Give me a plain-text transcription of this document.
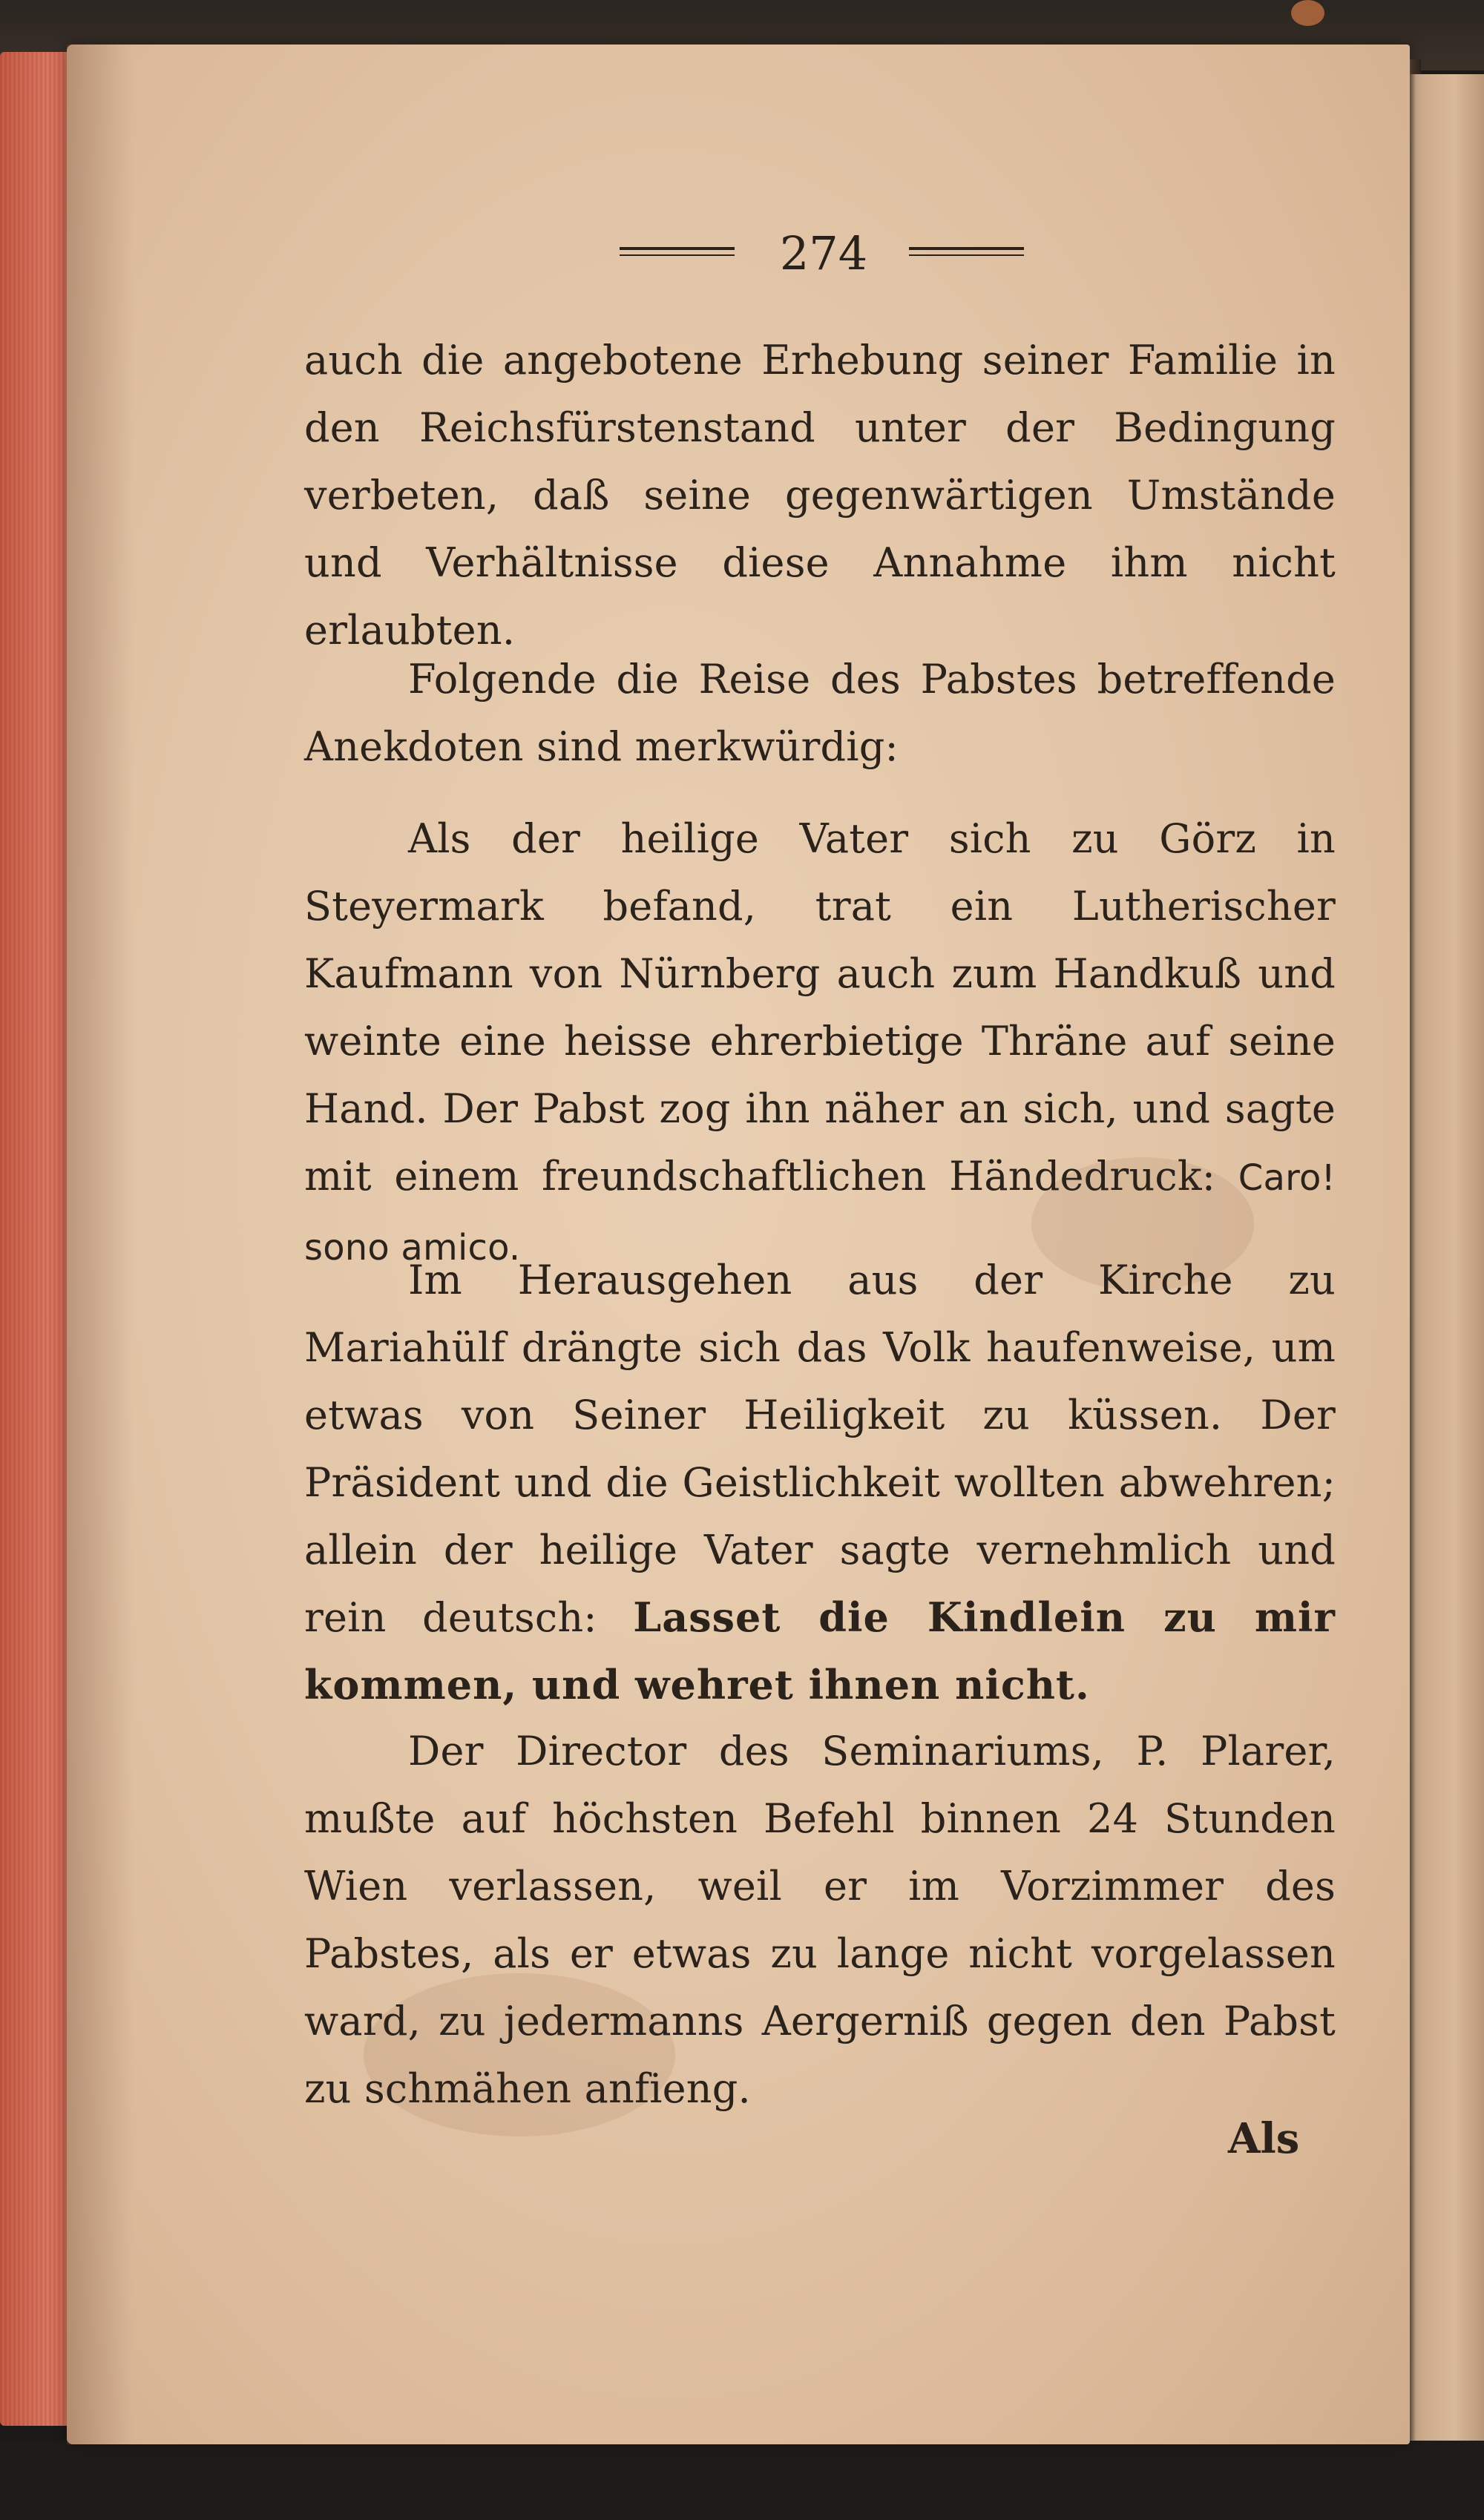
274
auch die angebotene Erhebung seiner Familie in den Reichsfürstenstand unter der Bedingung verbeten, daß seine gegenwärtigen Umstände und Verhältnisse diese Annahme ihm nicht erlaubten.
Folgende die Reise des Pabstes betreffende Anekdoten sind merkwürdig:
Als der heilige Vater sich zu Görz in Steyermark befand, trat ein Lutherischer Kaufmann von Nürnberg auch zum Handkuß und weinte eine heisse ehrerbietige Thräne auf seine Hand. Der Pabst zog ihn näher an sich, und sagte mit einem freundschaftlichen Händedruck: Caro! sono amico.
Im Herausgehen aus der Kirche zu Mariahülf drängte sich das Volk haufenweise, um etwas von Seiner Heiligkeit zu küssen. Der Präsident und die Geistlichkeit wollten abwehren; allein der heilige Vater sagte vernehmlich und rein deutsch: Lasset die Kindlein zu mir kommen, und wehret ihnen nicht.
Der Director des Seminariums, P. Plarer, mußte auf höchsten Befehl binnen 24 Stunden Wien verlassen, weil er im Vorzimmer des Pabstes, als er etwas zu lange nicht vorgelassen ward, zu jedermanns Aergerniß gegen den Pabst zu schmähen anfieng.
Als
